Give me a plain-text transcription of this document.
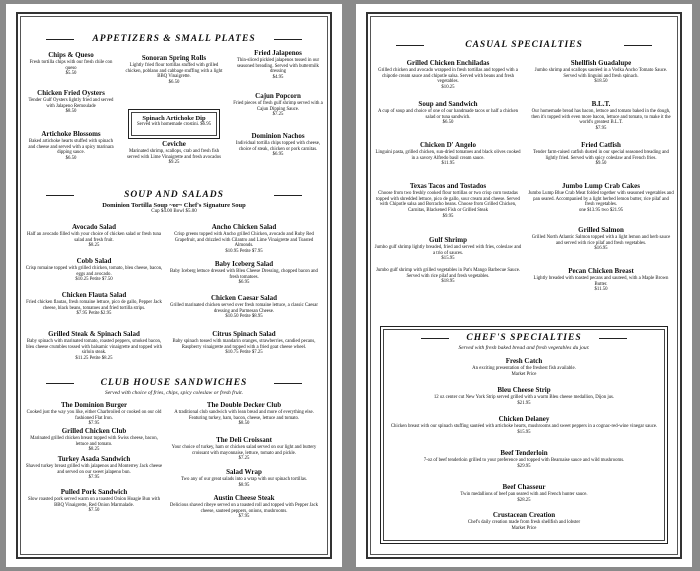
APPETIZERS & SMALL PLATES
Chips & Queso
Fresh tortilla chips with our fresh chile con queso
$5.50
Sonoran Spring Rolls
Lightly fried flour tortillas stuffed with grilled chicken, poblano and cabbage stuffing with a light BBQ Vinaigrette.
$6.50
Fried Jalapenos
Thin-sliced pickled jalapenos tossed in our seasoned breading. Served with buttermilk dressing
$4.95
Chicken Fried Oysters
Tender Gulf Oysters lightly fried and served with Jalapeno Remoulade
$8.50
Cajun Popcorn
Fried pieces of fresh gulf shrimp served with a Cajun Dipping Sauce.
$7.25
Spinach Artichoke Dip
Served with homemade crostini. $6.95
Artichoke Blossoms
Baked artichoke hearts stuffed with spinach and cheese and served with a spicy marinara dipping sauce.
$6.50
Dominion Nachos
Individual tortilla chips topped with cheese, choice of steak, chicken or pork carnitas.
$6.95
Ceviche
Marinated shrimp, scallops, crab and fresh fish served with Lime Vinaigrette and fresh avocados
$9.25
SOUP AND SALADS
Dominion Tortilla Soup ~or~ Chef's Signature Soup
Cup $4.00 Bowl $5.00
Avocado Salad
Half an avocado filled with your choice of chicken salad or fresh tuna salad and fresh fruit.
$8.25
Ancho Chicken Salad
Crisp greens topped with Ancho grilled Chicken, avocado and Ruby Red Grapefruit, and drizzled with Cilantro and Lime Vinaigrette and Toasted Almonds.
$10.95 Petite $7.95
Cobb Salad
Crisp romaine topped with grilled chicken, tomato, bleu cheese, bacon, eggs and avocado.
$10.25 Petite $7.50
Baby Iceberg Salad
Baby Iceberg lettuce dressed with Bleu Cheese Dressing, chopped bacon and fresh tomatoes.
$6.95
Chicken Flauta Salad
Fried chicken flautas, fresh romaine lettuce, pico de gallo, Pepper Jack cheese, black beans, tomatoes and fried tortilla strips.
$7.95 Petite $2.95
Chicken Caesar Salad
Grilled marinated chicken served over fresh romaine lettuce, a classic Caesar dressing and Parmesan Cheese.
$10.50 Petite $8.95
Grilled Steak & Spinach Salad
Baby spinach with marinated tomato, roasted peppers, smoked bacon, bleu cheese crumbles tossed with balsamic vinaigrette and topped with sirloin steak.
$11.25 Petite $8.25
Citrus Spinach Salad
Baby spinach tossed with mandarin oranges, strawberries, candied pecans, Raspberry vinaigrette and topped with a fried goat cheese wheel.
$10.75 Petite $7.25
CLUB HOUSE SANDWICHES
Served with choice of fries, chips, spicy coleslaw or fresh fruit.
The Dominion Burger
Cooked just the way you like, either Charbroiled or cooked on our old fashioned Flat Iron.
$7.95
The Double Decker Club
A traditional club sandwich with lean bread and more of everything else. Featuring turkey, ham, bacon, cheese, lettuce and tomato.
$8.50
Grilled Chicken Club
Marinated grilled chicken breast topped with Swiss cheese, bacon, lettuce and tomato.
$8.25
The Deli Croissant
Your choice of turkey, ham or chicken salad served on our light and buttery croissant with mayonnaise, lettuce, tomato and pickle.
$7.25
Turkey Asada Sandwich
Shaved turkey breast grilled with jalapenos and Monterrey Jack cheese and served on our sweet jalapeno bun.
$7.95
Salad Wrap
Two any of our great salads into a wrap with our spinach tortillas.
$8.95
Pulled Pork Sandwich
Slow roasted pork served warm on a toasted Onion Hoagie Bun with BBQ Vinaigrette, Red Onion Marmalade.
$7.50
Austin Cheese Steak
Delicious shaved ribeye served on a toasted roll and topped with Pepper Jack cheese, sauteed peppers, onions, mushrooms.
$7.95
CASUAL SPECIALTIES
Grilled Chicken Enchiladas
Grilled chicken and avocado wrapped in fresh tortillas and topped with a chipotle cream sauce and chipotle salsa. Served with beans and fresh vegetables.
$10.25
Shellfish Guadalupe
Jumbo shrimp and scallops sautéed in a Vodka Ancho Tomato Sauce. Served with linguini and fresh spinach.
$18.50
Soup and Sandwich
A cup of soup and choice of one of our handmade tacos or half a chicken salad or tuna sandwich.
$6.50
B.L.T.
Our homemade bread has bacon, lettuce and tomato baked in the dough, then it's topped with even more bacon, lettuce and tomato, to make it the world's greatest B.L.T.
$7.95
Chicken D' Angelo
Linguini pasta, grilled chicken, sun-dried tomatoes and black olives cooked in a savory Alfredo basil cream sauce.
$11.95
Fried Catfish
Tender farm-raised catfish dusted in our special seasoned breading and lightly fried. Served with spicy coleslaw and French fries.
$9.50
Texas Tacos and Tostados
Choose from two freshly cooked flour tortillas or two crisp corn tostadas topped with shredded lettuce, pico de gallo, sour cream and cheese. Served with Chipotle salsa and Borracho beans. Choose from Grilled Chicken, Carnitas, Blackened Fish or Grilled Steak
$9.95
Jumbo Lump Crab Cakes
Jumbo Lump Blue Crab Meat folded together with seasoned vegetables and pan seared. Accompanied by a light herbed lemon butter, rice pilaf and fresh vegetables.
one $13.95 two $21.95
Gulf Shrimp
Jumbo gulf shrimp lightly breaded, fried and served with fries, coleslaw and a trio of sauces.
$15.95
Grilled Salmon
Grilled North Atlantic Salmon topped with a light lemon and herb sauce and served with rice pilaf and fresh vegetables.
$16.95
Pecan Chicken Breast
Lightly breaded with toasted pecans and sauteed, with a Maple Brown Butter.
$11.50
Jumbo gulf shrimp with grilled vegetables in Pat's Mango Barbecue Sauce. Served with rice pilaf and fresh vegetables.
$18.95
CHEF'S SPECIALTIES
Served with fresh baked bread and fresh vegetables du jour.
Fresh Catch
An exciting presentation of the freshest fish available.
Market Price
Bleu Cheese Strip
12 oz center cut New York Strip served grilled with a warm Bleu cheese medallion, Dijon jus.
$21.95
Chicken Delaney
Chicken breast with our spinach stuffing sautéed with artichoke hearts, mushrooms and sweet peppers in a cognac-red-wine vinegar sauce.
$15.95
Beef Tenderloin
7-oz of beef tenderloin grilled to your preference and topped with Bearnaise sauce and wild mushrooms.
$29.95
Beef Chasseur
Twin medallions of beef pan seared with and French hunter sauce.
$28.25
Crustacean Creation
Chef's daily creation made from fresh shellfish and lobster
Market Price
